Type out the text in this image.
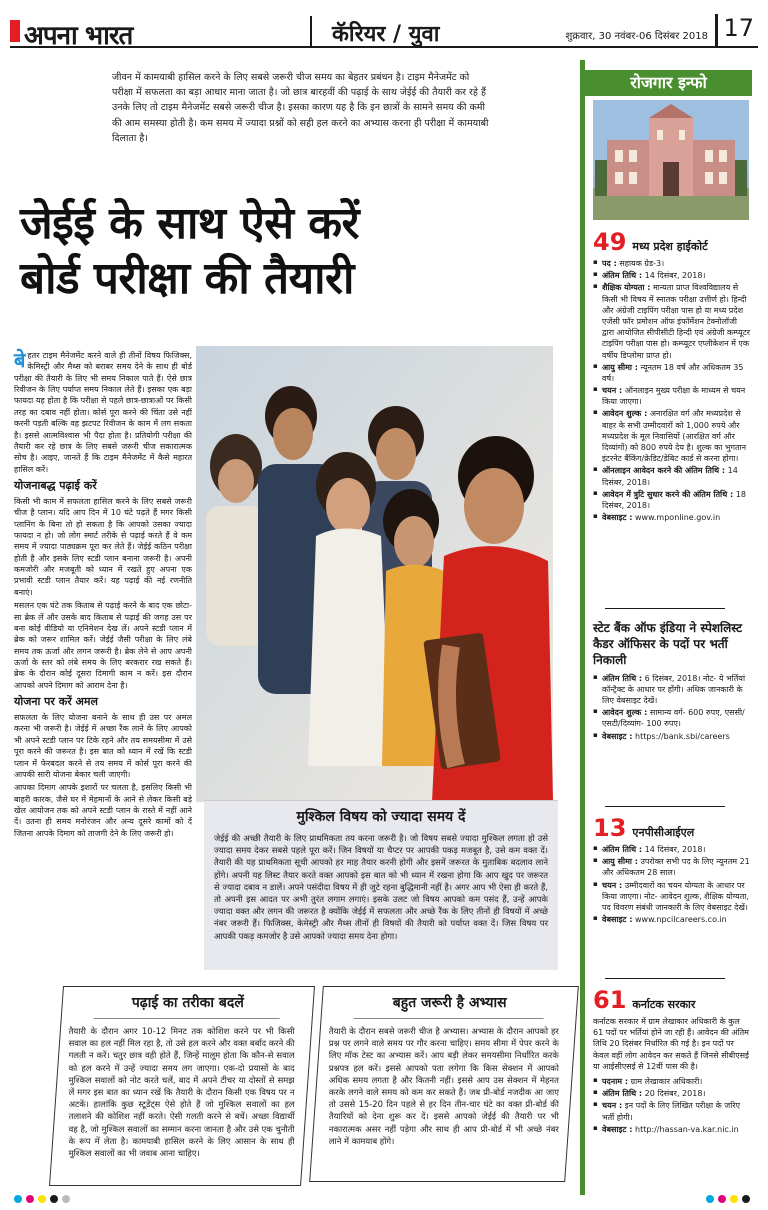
अपना भारत	कॅरियर / युवा	शुक्रवार, 30 नवंबर-06 दिसंबर 2018 17
जीवन में कामयाबी हासिल करने के लिए सबसे जरूरी चीज समय का बेहतर प्रबंधन है। टाइम मैनेजमेंट को परीक्षा में सफलता का बड़ा आधार माना जाता है। जो छात्र बारहवीं की पढ़ाई के साथ जेईई की तैयारी कर रहे हैं उनके लिए तो टाइम मैनेजमेंट सबसे जरूरी चीज है। इसका कारण यह है कि इन छात्रों के सामने समय की कमी की आम समस्या होती है। कम समय में ज्यादा प्रश्नों को सही हल करने का अभ्यास करना ही परीक्षा में कामयाबी दिलाता है।
जेईई के साथ ऐसे करें
बोर्ड परीक्षा की तैयारी

बेहतर टाइम मैनेजमेंट करने वाले ही तीनों विषय फिजिक्स, केमिस्ट्री और मैथ्स को बराबर समय देने के साथ ही बोर्ड परीक्षा की तैयारी के लिए भी समय निकाल पाते हैं। ऐसे छात्र रिवीजन के लिए पर्याप्त समय निकाल लेते हैं। इसका एक बड़ा फायदा यह होता है कि परीक्षा से पहले छात्र-छात्राओं पर किसी तरह का दबाव नहीं होता। कोर्स पूरा करने की चिंता उसे नहीं करनी पड़ती बल्कि वह झटपट रिवीजन के काम में लग सकता है। इससे आत्मविश्वास भी पैदा होता है। प्रतियोगी परीक्षा की तैयारी कर रहे छात्र के लिए सबसे जरूरी चीज सकारात्मक सोच है। आइए, जानते हैं कि टाइम मैनेजमेंट में कैसे महारत हासिल करें।

योजनाबद्ध पढ़ाई करें

किसी भी काम में सफलता हासिल करने के लिए सबसे जरूरी चीज है प्लान। यदि आप दिन में 10 घंटे पढ़ते हैं मगर किसी प्लानिंग के बिना तो हो सकता है कि आपको उसका ज्यादा फायदा न हो। जो लोग स्मार्ट तरीके से पढ़ाई करते हैं वे कम समय में ज्यादा पाठ्यक्रम पूरा कर लेते हैं। जेईई कठिन परीक्षा होती है और इसके लिए स्टडी प्लान बनाना जरूरी है। अपनी कमजोरी और मजबूती को ध्यान में रखते हुए अपना एक प्रभावी स्टडी प्लान तैयार करें। यह पढ़ाई की नई रणनीति बनाएं।

मसलन एक घंटे तक किताब से पढ़ाई करने के बाद एक छोटा-सा ब्रेक लें और उसके बाद किताब से पढ़ाई की जगह उस पर बना कोई वीडियो या एनिमेशन देख लें। अपने स्टडी प्लान में ब्रेक को जरूर शामिल करें। जेईई जैसी परीक्षा के लिए लंबे समय तक ऊर्जा और लगन जरूरी है। ब्रेक लेने से आप अपनी ऊर्जा के स्तर को लंबे समय के लिए बरकरार रख सकते हैं। ब्रेक के दौरान कोई दूसरा दिमागी काम न करें। इस दौरान आपको अपने दिमाग को आराम देना है।

योजना पर करें अमल

सफलता के लिए योजना बनाने के साथ ही उस पर अमल करना भी जरूरी है। जेईई में अच्छा रैंक लाने के लिए आपको भी अपने स्टडी प्लान पर टिके रहने और तय समयसीमा में उसे पूरा करने की जरूरत है। इस बात को ध्यान में रखें कि स्टडी प्लान में फेरबदल करने से तय समय में कोर्स पूरा करने की आपकी सारी योजना बेकार चली जाएगी।

आपका दिमाग आपके इशारों पर चलता है, इसलिए किसी भी बाहरी कारक, जैसे घर में मेहमानों के आने से लेकर किसी बड़े खेल आयोजन तक को अपने स्टडी प्लान के रास्ते में नहीं आने दें। उतना ही समय मनोरंजन और अन्य दूसरे कामों को दें जितना आपके दिमाग को ताजगी देने के लिए जरूरी हो।

मुश्किल विषय को ज्यादा समय दें

जेईई की अच्छी तैयारी के लिए प्राथमिकता तय करना जरूरी है। जो विषय सबसे ज्यादा मुश्किल लगता हो उसे ज्यादा समय देकर सबसे पहले पूरा करें। जिन विषयों या चैप्टर पर आपकी पकड़ मजबूत है, उसे कम वक्त दें। तैयारी की यह प्राथमिकता सूची आपको हर माह तैयार करनी होगी और इसमें जरूरत के मुताबिक बदलाव लाने होंगे। अपनी यह लिस्ट तैयार करते वक्त आपको इस बात को भी ध्यान में रखना होगा कि आप खुद पर जरूरत से ज्यादा दबाव न डालें। अपने पसंदीदा विषय में ही जुटे रहना बुद्धिमानी नहीं है। अगर आप भी ऐसा ही करते हैं, तो अपनी इस आदत पर अभी तुरंत लगाम लगाएं। इसके उलट जो विषय आपको कम पसंद हैं, उन्हें आपके ज्यादा वक्त और लगन की जरूरत है क्योंकि जेईई में सफलता और अच्छे रैंक के लिए तीनों ही विषयों में अच्छे नंबर जरूरी हैं। फिजिक्स, केमेस्ट्री और मैथ्स तीनों ही विषयों की तैयारी को पर्याप्त वक्त दें। जिस विषय पर आपकी पकड़ कमजोर है उसे आपको ज्यादा समय देना होगा।

पढ़ाई का तरीका बदलें

तैयारी के दौरान अगर 10-12 मिनट तक कोशिश करने पर भी किसी सवाल का हल नहीं मिल रहा है, तो उसे हल करने और वक्त बर्बाद करने की गलती न करें। चतुर छात्र वही होते हैं, जिन्हें मालूम होता कि कौन-से सवाल को हल करने में उन्हें ज्यादा समय लग जाएगा। एक-दो प्रयासों के बाद मुश्किल सवालों को नोट करते चलें, बाद में अपने टीचर या दोस्तों से समझ लें मगर इस बात का ध्यान रखें कि तैयारी के दौरान किसी एक विषय पर न अटकें। हालांकि कुछ स्टूडेंट्स ऐसे होते हैं जो मुश्किल सवालों का हल तलाशने की कोशिश नहीं करते। ऐसी गलती करने से बचें। अच्छा विद्यार्थी वह है, जो मुश्किल सवालों का सम्मान करना जानता है और उसे एक चुनौती के रूप में लेता है। कामयाबी हासिल करने के लिए आसान के साथ ही मुश्किल सवालों का भी जवाब आना चाहिए।

बहुत जरूरी है अभ्यास

तैयारी के दौरान सबसे जरूरी चीज है अभ्यास। अभ्यास के दौरान आपको हर प्रश्न पर लगने वाले समय पर गौर करना चाहिए। समय सीमा में पेपर करने के लिए मॉक टेस्ट का अभ्यास करें। आप बड़ी लेकर समयसीमा निर्धारित करके प्रश्नपत्र हल करें। इससे आपको पता लगेगा कि किस सेक्शन में आपको अधिक समय लगता है और कितनी नहीं। इससे आप उस सेक्शन में मेहनत करके लगने वाले समय को कम कर सकते हैं। जब प्री-बोर्ड नजदीक आ जाए तो उससे 15-20 दिन पहले से हर दिन तीन-चार घंटे का वक्त प्री-बोर्ड की तैयारियों को देना शुरू कर दें। इससे आपको जेईई की तैयारी पर भी नकारात्मक असर नहीं पड़ेगा और साथ ही आप प्री-बोर्ड में भी अच्छे नंबर लाने में कामयाब होंगे।

रोजगार इन्फो
49 मध्य प्रदेश हाईकोर्ट
▪ पद : सहायक ग्रेड-3।
▪ अंतिम तिथि : 14 दिसंबर, 2018।
▪ शैक्षिक योग्यता : मान्यता प्राप्त विश्वविद्यालय से किसी भी विषय में स्नातक परीक्षा उत्तीर्ण हो। हिन्दी और अंग्रेजी टाइपिंग परीक्षा पास हो या मध्य प्रदेश एजेंसी फॉर प्रमोशन ऑफ इंफॉर्मेशन टेक्नोलॉजी द्वारा आयोजित सीपीसीटी हिन्दी एवं अंग्रेजी कम्प्यूटर टाइपिंग परीक्षा पास हो। कम्प्यूटर एप्लीकेशन में एक वर्षीय डिप्लोमा प्राप्त हो।
▪ आयु सीमा : न्यूनतम 18 वर्ष और अधिकतम 35 वर्ष।
▪ चयन : ऑनलाइन मुख्य परीक्षा के माध्यम से चयन किया जाएगा।
▪ आवेदन शुल्क : अनारक्षित वर्ग और मध्यप्रदेश से बाहर के सभी उम्मीदवारों को 1,000 रुपये और मध्यप्रदेश के मूल निवासियों (आरक्षित वर्ग और दिव्यांगों) को 800 रुपये देय है। शुल्क का भुगतान इंटरनेट बैंकिंग/क्रेडिट/डेबिट कार्ड से करना होगा।
▪ ऑनलाइन आवेदन करने की अंतिम तिथि : 14 दिसंबर, 2018।
▪ आवेदन में त्रुटि सुधार करने की अंतिम तिथि : 18 दिसंबर, 2018।
▪ वेबसाइट : www.mponline.gov.in
स्टेट बैंक ऑफ इंडिया ने स्पेशलिस्ट कैडर ऑफिसर के पदों पर भर्ती निकाली
▪ अंतिम तिथि : 6 दिसंबर, 2018। नोट- ये भर्तियां कॉन्ट्रैक्ट के आधार पर होंगी। अधिक जानकारी के लिए वेबसाइट देखें।
▪ आवेदन शुल्क : सामान्य वर्ग- 600 रुपए, एससी/एसटी/दिव्यांग- 100 रुपए।
▪ वेबसाइट : https://bank.sbi/careers
13 एनपीसीआईएल
▪ अंतिम तिथि : 14 दिसंबर, 2018।
▪ आयु सीमा : उपरोक्त सभी पद के लिए न्यूनतम 21 और अधिकतम 28 साल।
▪ चयन : उम्मीदवारों का चयन योग्यता के आधार पर किया जाएगा। नोट- आवेदन शुल्क, शैक्षिक योग्यता, पद विवरण संबंधी जानकारी के लिए वेबसाइट देखें।
▪ वेबसाइट : www.npcilcareers.co.in
61 कर्नाटक सरकार

कर्नाटक सरकार में ग्राम लेखाकार अधिकारी के कुल 61 पदों पर भर्तियां होने जा रही हैं। आवेदन की अंतिम तिथि 20 दिसंबर निर्धारित की गई है। इन पदों पर केवल वहीं लोग आवेदन कर सकते हैं जिनसे सीबीएसई या आईसीएसई से 12वीं पास की है।

▪ पदनाम : ग्राम लेखाकार अधिकारी।
▪ अंतिम तिथि : 20 दिसंबर, 2018।
▪ चयन : इन पदों के लिए लिखित परीक्षा के जरिए भर्ती होगी।
▪ वेबसाइट : http://hassan-va.kar.nic.in
